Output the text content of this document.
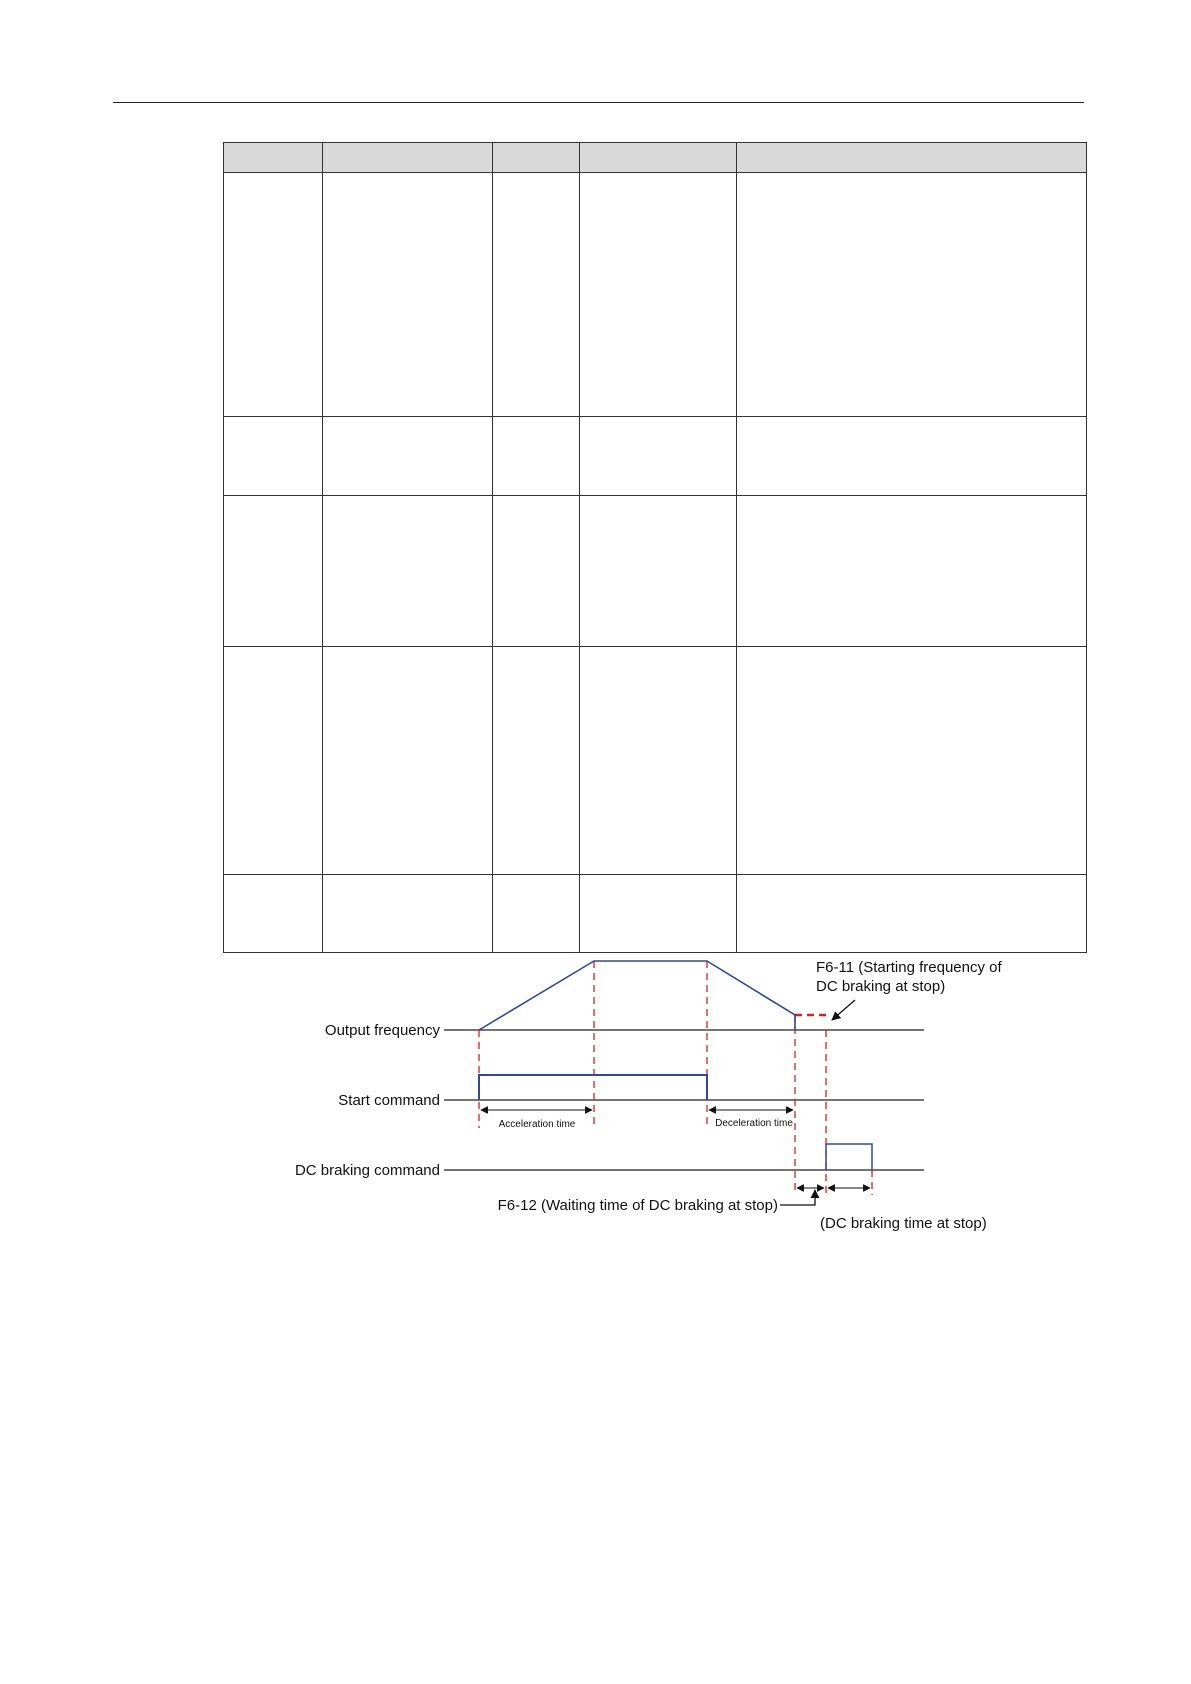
Output frequency
Start command
DC braking command
Acceleration time	Deceleration time
F6-11 (Starting frequency of
DC braking at stop)
F6-12 (Waiting time of DC braking at stop)
(DC braking time at stop)
